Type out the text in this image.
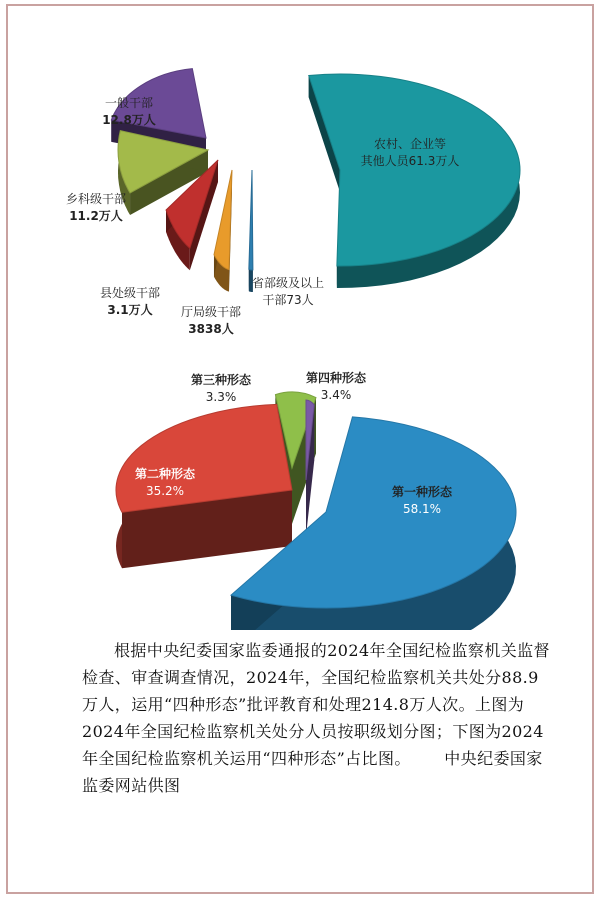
一般干部
12.8万人
乡科级干部
11.2万人
县处级干部
3.1万人 厅局级干部
3838人
省部级及以上
干部73人
农村、企业等
其他人员61.3万人
第一种形态
58.1%
第二种形态
35.2%
第三种形态
3.3%
第四种形态
3.4%
根据中央纪委国家监委通报的2024年全国纪检监察机关监督检查、审查调查情况，2024年，全国纪检监察机关共处分88.9万人，运用“四种形态”批评教育和处理214.8万人次。上图为2024年全国纪检监察机关处分人员按职级划分图；下图为2024年全国纪检监察机关运用“四种形态”占比图。 中央纪委国家监委网站供图
